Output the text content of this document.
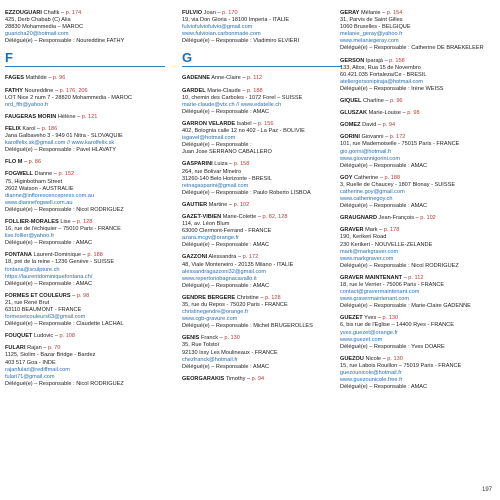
EZZOUGUARI Chafik – p. 174
425, Derb Chabab (C) Alia
28830 Mohammedia – MAROC
guaricha20@hotmail.com
Délégué(e) – Responsable : Noureddine FATHY
F
FAGES Mathilde – p. 96
FATHY Noureddine – p. 176, 206
LOT Nice 2 num 7 - 28820 Mohammedia - MAROC
nrd_fth@yahoo.fr
FAUGERAS MORIN Hélène – p. 121
FELIX Karol – p. 186
Jana Galbaveho 3 - 949 01 Nitra - SLOVAQUIE
karolfelix.sk@gmail.com // www.karolfelix.sk
Délégué(e) – Responsable : Pavel HLAVATY
FLO M – p. 86
FOGWELL Dianne – p. 152
75, Higinbotham Street
2602 Watson - AUSTRALIE
dianne@inflorescencepress.com.au
www.diannefogwell.com.au
Délégué(e) – Responsable : Nicol RODRIGUEZ
FOLLIER-MORALES Lise – p. 128
16, rue de l'échiquier – 75010 Paris - FRANCE
lise.follier@yahoo.fr
Délégué(e) – Responsable : AMAC
FONTANA Laurent-Dominique – p. 188
18, pré de la reine - 1236 Genève - SUISSE
fontana@sculpture.ch
https://laurentdominiquefontana.ch/
Délégué(e) – Responsable : AMAC
FORMES ET COULEURS – p. 98
21, rue René Brut
63110 BEAUMONT - FRANCE
formesetcouleurs63@gmail.com
Délégué(e) – Responsable : Claudette LACHAL
FOUQUET Ludovic – p. 108
FULARI Rajan – p. 70
1125, Siolim - Bazar Bridge - Bardez
403 517 Goa - INDE
rajanfulari@rediffmail.com
fulari71@gmail.com
Délégué(e) – Responsable : Nicol RODRIGUEZ
FULVIO Joan – p. 170
19, via Don Gloria - 18100 Imperia - ITALIE
fulviofulviofulvio@gmail.com
www.fulvioian.carbonmade.com
Délégué(e) – Responsable : Vladimiro ELVIERI
G
GADENNE Anne-Claire – p. 112
GARDEL Marie-Claude – p. 188
10, chemin des Carboles - 1072 Forel – SUISSE
marie-claude@vtx.ch // www.edatelie.ch
Délégué(e) – Responsable : AMAC
GARRON VELARDE Isabel – p. 156
402, Bolognia calle 12 no 402 - La Paz - BOLIVIE
isgavel@hotmail.com
Délégué(e) – Responsable :
Juan Jose SERRANO CABALLERO
GASPARINI Luiza – p. 158
264, rue Bolivar Mineiro
31260-140 Belo Horizonte - BRÉSIL
reinagasparini@gmail.com
Délégué(e) – Responsable : Paulo Roberto LISBOA
GAUTIER Martine – p. 102
GAZET-VIBIEN Marie-Colette – p. 82, 128
114, av. Léon Blum
63000 Clermont-Ferrand - FRANCE
azara.mcgv@orange.fr
Délégué(e) – Responsable : AMAC
GAZZONI Alessandra – p. 172
48, Viale Monteneiro - 20135 Milano - ITALIE
alessandragazzoni32@gmail.com
www.repertoriobagnacavallo.it
Délégué(e) – Responsable : AMAC
GENDRE BERGERE Christine – p. 128
35, rue du Repos - 75020 Paris - FRANCE
christinegendre@orange.fr
www.cgb-gravure.com
Délégué(e) – Responsable : Michel BRUGEROLLES
GENIS Franck – p. 130
35, Rue Tolstoï
92130 Issy Les Moulineaux - FRANCE
chezfranck@hotmail.fr
Délégué(e) – Responsable : AMAC
GEORGARAKIS Timothy – p. 94
GERAY Mélanie – p. 154
31, Parvis de Saint Gilles
1060 Bruxelles - BELGIQUE
melanie_geray@yahoo.fr
www.melaniegeray.com
Délégué(e) – Responsable : Catherine DE BRAEKELEER
GERSON Iparajá – p. 158
133, Altos, Rua 15 de Novembro
60.421.035 Fortaleza/Ce - BRÉSIL
ateliergersonipiraja@hotmail.com
Délégué(e) – Responsable : Irène WEISS
GIQUEL Charline – p. 96
GLUSZAK Marie-Louise – p. 98
GOMEZ David – p. 94
GORINI Giovanni – p. 172
101, rue Mademoiselle - 75015 Paris - FRANCE
gio.gorini@hotmail.fr
www.giovannigorini.com
Délégué(e) – Responsable : AMAC
GOY Catherine – p. 188
3, Ruelle de Chaucey - 1807 Blonay - SUISSE
catherine.goy@gmail.com
www.catherinegoy.ch
Délégué(e) – Responsable : AMAC
GRAUGNARD Jean-François – p. 102
GRAVER Mark – p. 178
190, Kerikeri Road
230 Kerikeri - NOUVELLE-ZÉLANDE
mark@markgraver.com
www.markgraver.com
Délégué(e) – Responsable : Nicol RODRIGUEZ
GRAVER MAINTENANT – p. 112
18, rue le Verrier - 75006 Paris - FRANCE
contact@gravermaintenant.com
www.gravermaintenant.com
Délégué(e) – Responsable : Marie-Claire GADENNE
GUEZET Yves – p. 130
6, bis rue de l'Église – 14400 Ryes - FRANCE
yves.guezet@orange.fr
www.guezet.com
Délégué(e) – Responsable : Yves DOARE
GUEZOU Nicole – p. 130
15, rue Labois Rouillon – 75019 Paris - FRANCE
guezounicole@hotmail.fr
www.guezounicole.free.fr
Délégué(e) – Responsable : AMAC
197
